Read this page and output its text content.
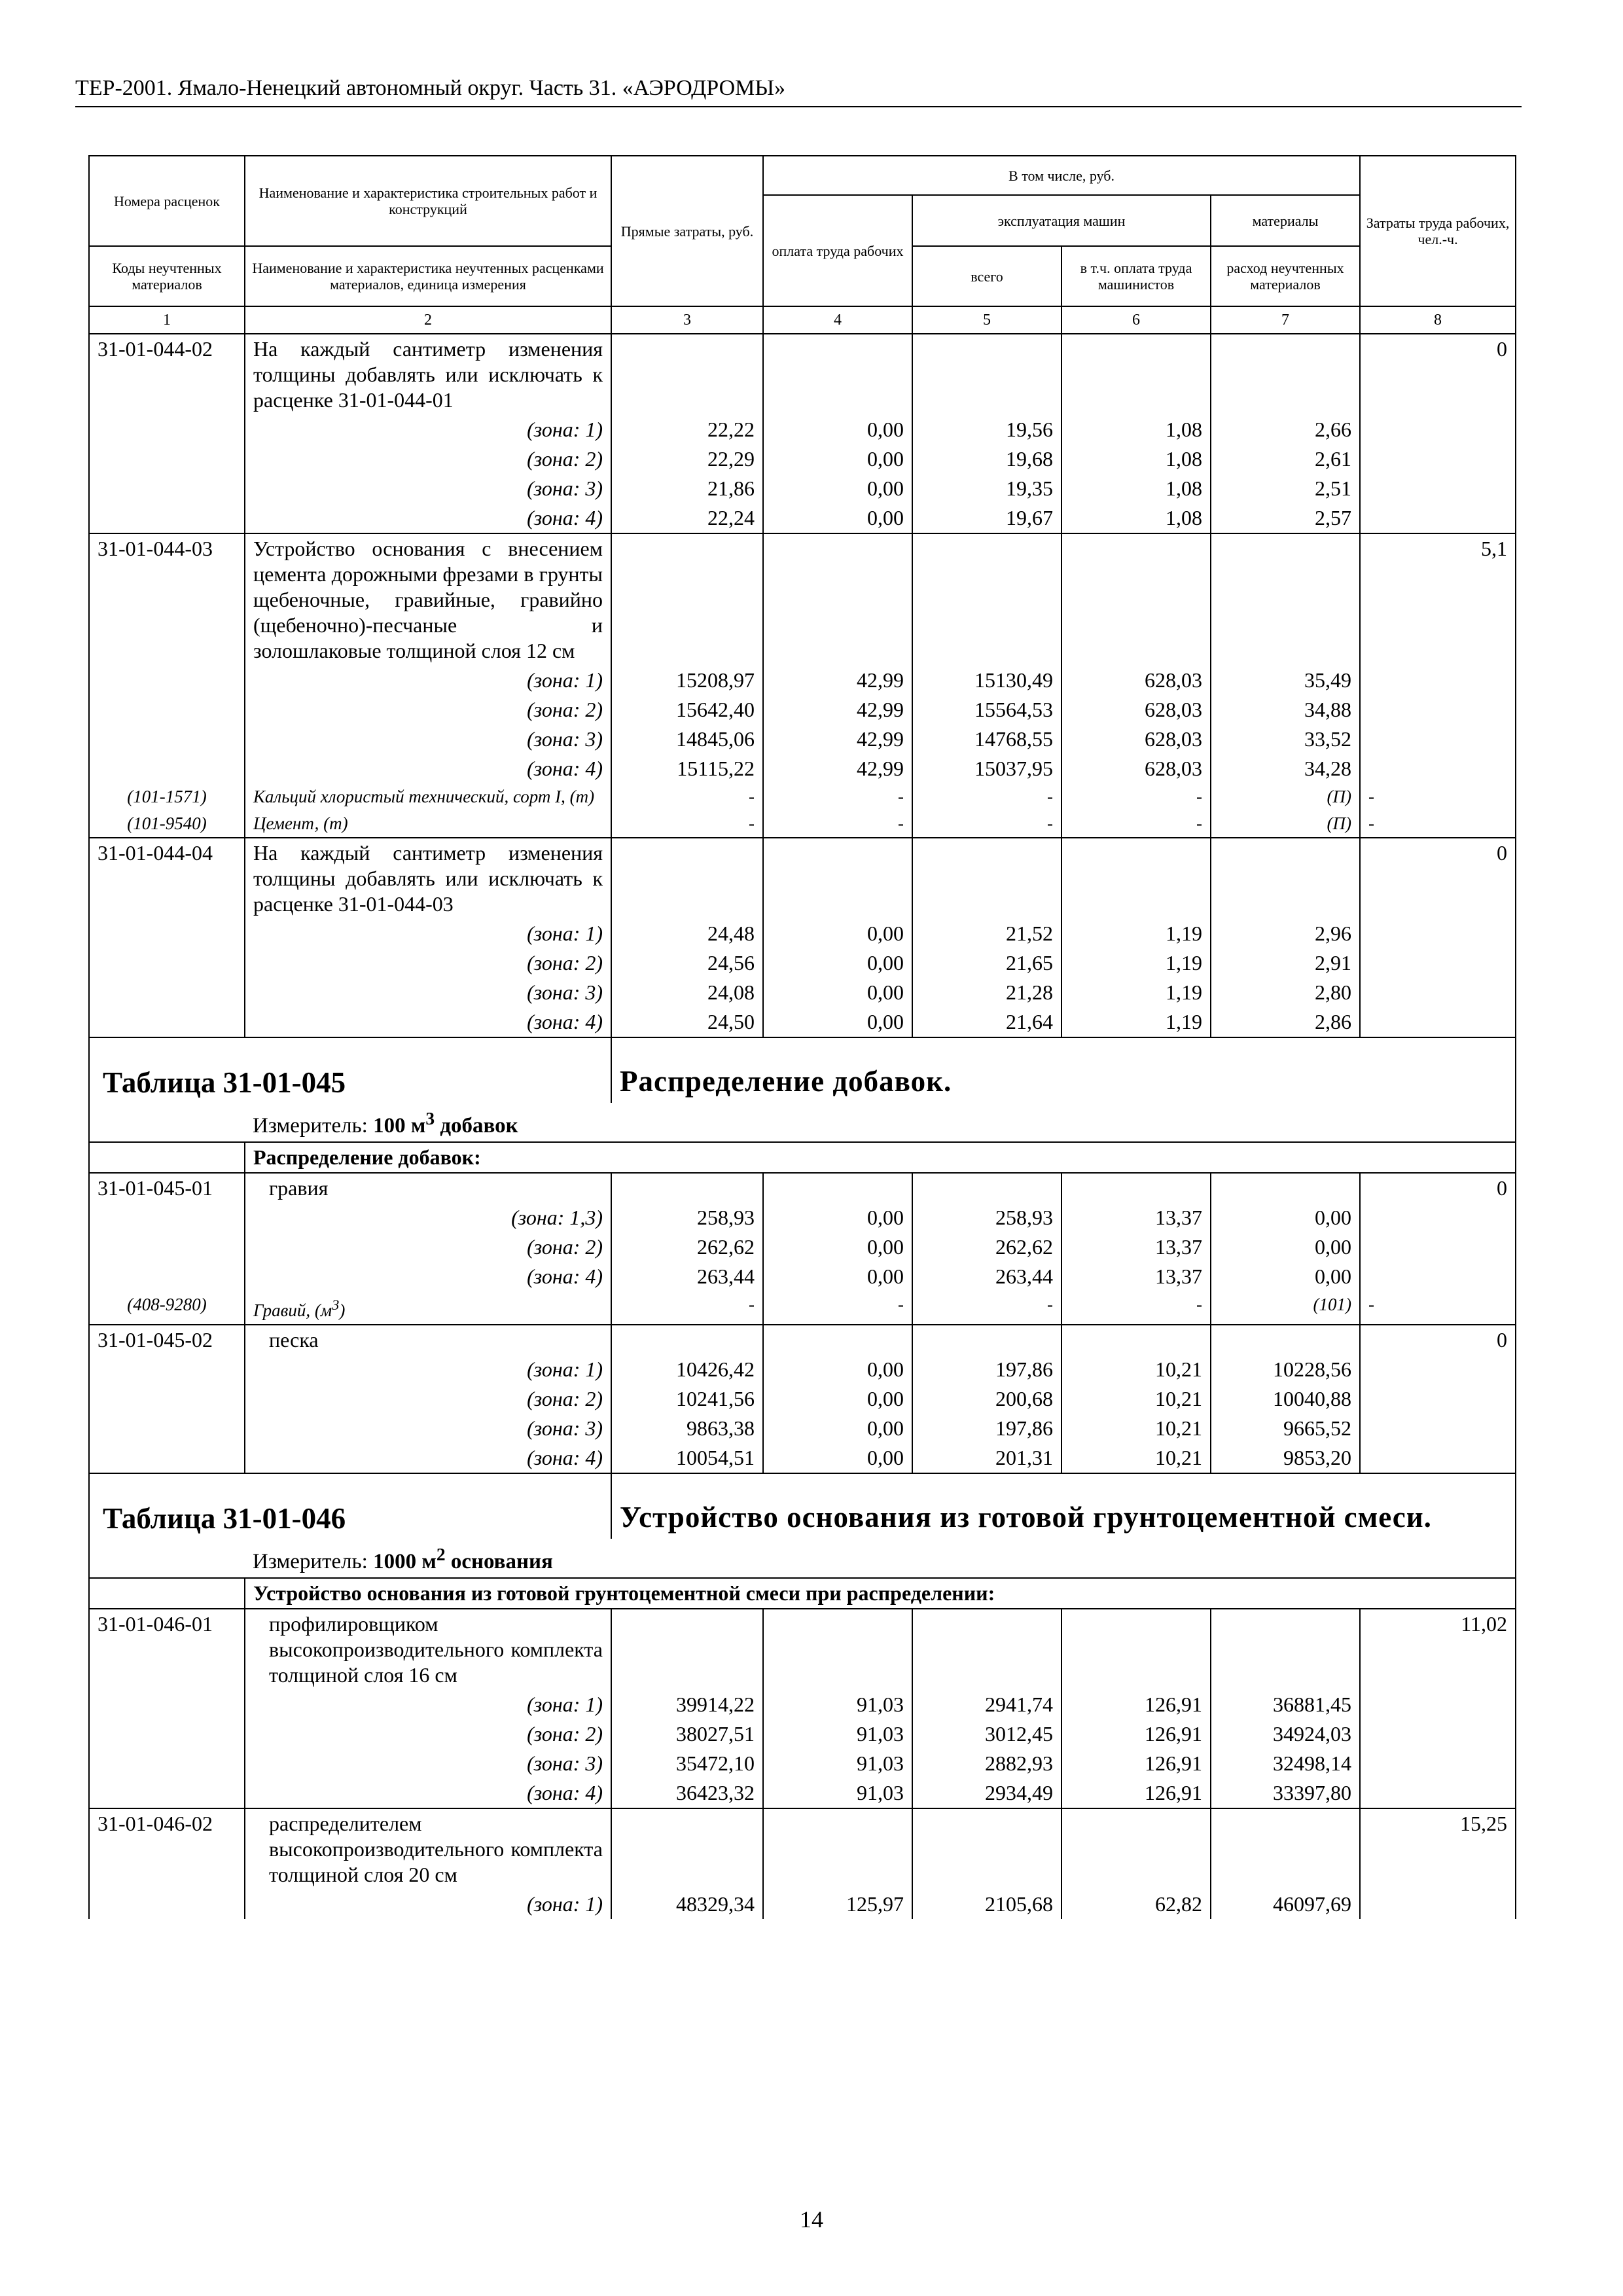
ТЕР-2001. Ямало-Ненецкий автономный округ. Часть 31. «АЭРОДРОМЫ»
Номера расценок	Наименование и характеристика строительных работ и конструкций	Прямые затраты, руб.	В том числе, руб.				Затраты труда рабочих, чел.-ч.
			оплата труда рабочих	эксплуатация машин		материалы	
Коды неучтенных материалов	Наименование и характеристика неучтенных расценками материалов, единица измерения			всего	в т.ч. оплата труда машинистов	расход неучтенных материалов	
1	2	3	4	5	6	7	8
31-01-044-02	На каждый сантиметр изменения толщины добавлять или исключать к расценке 31-01-044-01						0
	(зона: 1)	22,22	0,00	19,56	1,08	2,66	
	(зона: 2)	22,29	0,00	19,68	1,08	2,61	
	(зона: 3)	21,86	0,00	19,35	1,08	2,51	
	(зона: 4)	22,24	0,00	19,67	1,08	2,57	
31-01-044-03	Устройство основания с внесением цемента дорожными фрезами в грунты щебеночные, гравийные, гравийно (щебеночно)-песчаные и золошлаковые толщиной слоя 12 см						5,1
	(зона: 1)	15208,97	42,99	15130,49	628,03	35,49	
	(зона: 2)	15642,40	42,99	15564,53	628,03	34,88	
	(зона: 3)	14845,06	42,99	14768,55	628,03	33,52	
	(зона: 4)	15115,22	42,99	15037,95	628,03	34,28	
(101-1571)	Кальций хлористый технический, сорт I, (т)	-	-	-	-	(П)	-
(101-9540)	Цемент, (т)	-	-	-	-	(П)	-
31-01-044-04	На каждый сантиметр изменения толщины добавлять или исключать к расценке 31-01-044-03						0
	(зона: 1)	24,48	0,00	21,52	1,19	2,96	
	(зона: 2)	24,56	0,00	21,65	1,19	2,91	
	(зона: 3)	24,08	0,00	21,28	1,19	2,80	
	(зона: 4)	24,50	0,00	21,64	1,19	2,86	
Таблица 31-01-045		Распределение добавок.					
	Измеритель: 100 $м^3$ добавок						
	Распределение добавок:						
31-01-045-01	гравия						0
	(зона: 1,3)	258,93	0,00	258,93	13,37	0,00	
	(зона: 2)	262,62	0,00	262,62	13,37	0,00	
	(зона: 4)	263,44	0,00	263,44	13,37	0,00	
(408-9280)	Гравий, $(м^3)$	-	-	-	-	(101)	-
31-01-045-02	песка						0
	(зона: 1)	10426,42	0,00	197,86	10,21	10228,56	
	(зона: 2)	10241,56	0,00	200,68	10,21	10040,88	
	(зона: 3)	9863,38	0,00	197,86	10,21	9665,52	
	(зона: 4)	10054,51	0,00	201,31	10,21	9853,20	
Таблица 31-01-046		Устройство основания из готовой грунтоцементной смеси.					
	Измеритель: 1000 $м^2$ основания						
	Устройство основания из готовой грунтоцементной смеси при распределении:						
31-01-046-01	профилировщиком высокопроизводительного комплекта толщиной слоя 16 см						11,02
	(зона: 1)	39914,22	91,03	2941,74	126,91	36881,45	
	(зона: 2)	38027,51	91,03	3012,45	126,91	34924,03	
	(зона: 3)	35472,10	91,03	2882,93	126,91	32498,14	
	(зона: 4)	36423,32	91,03	2934,49	126,91	33397,80	
31-01-046-02	распределителем высокопроизводительного комплекта толщиной слоя 20 см						15,25
	(зона: 1)	48329,34	125,97	2105,68	62,82	46097,69	
14
